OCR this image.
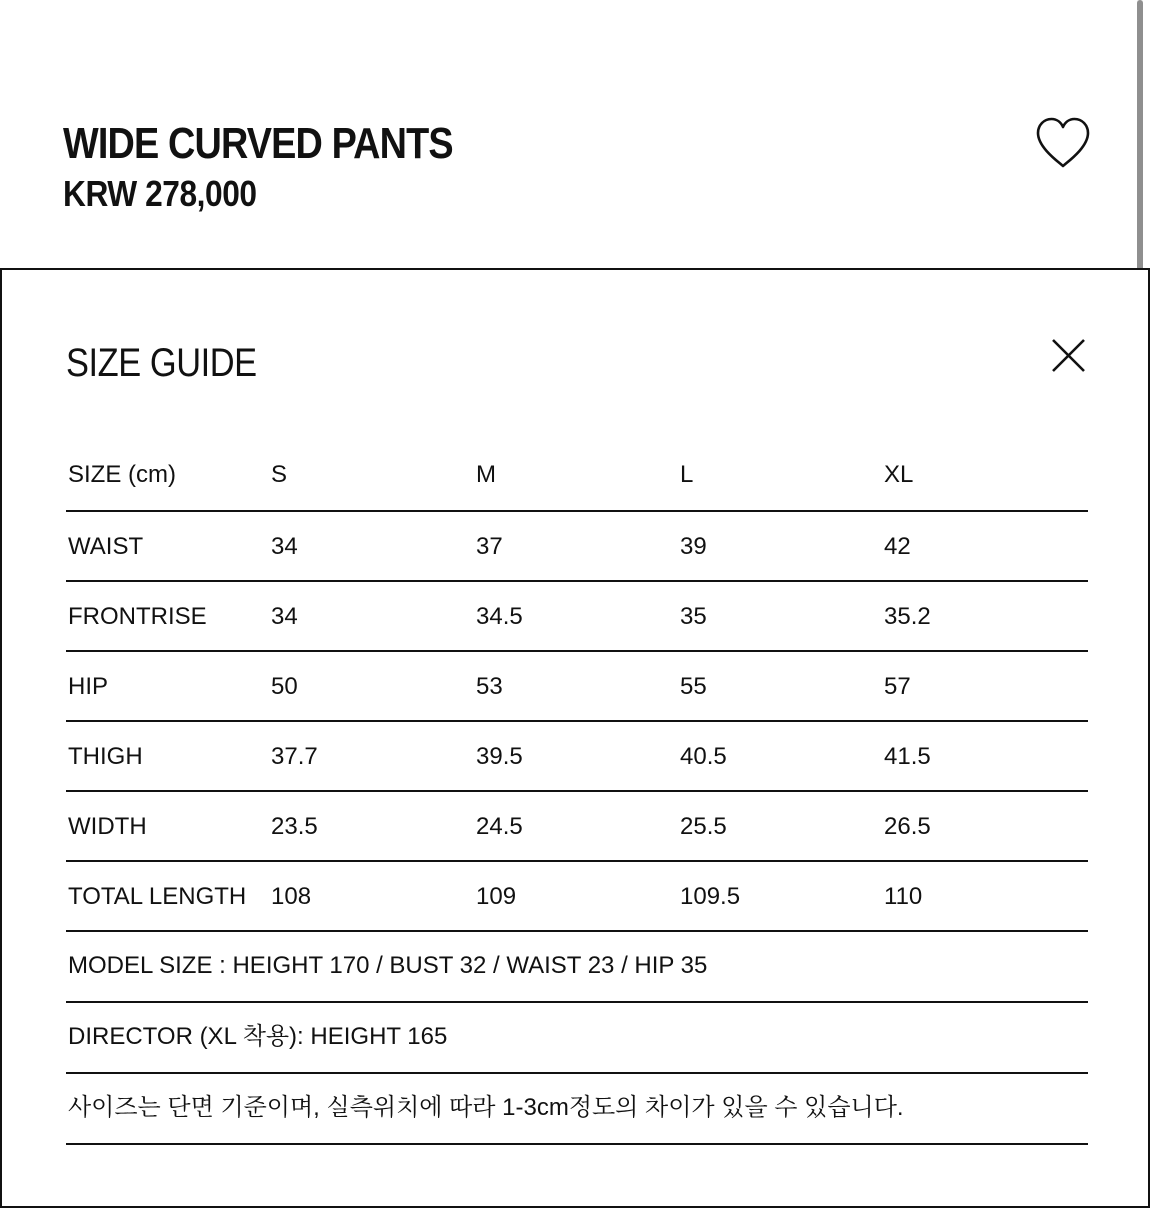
WIDE CURVED PANTS

KRW 278,000

SIZE GUIDE
SIZE (cm)	S	M	L	XL
WAIST	34	37	39	42
FRONTRISE	34	34.5	35	35.2
HIP	50	53	55	57
THIGH	37.7	39.5	40.5	41.5
WIDTH	23.5	24.5	25.5	26.5
TOTAL LENGTH 108	109	109.5	110
MODEL SIZE : HEIGHT 170 / BUST 32 / WAIST 23 / HIP 35
DIRECTOR (XL 착용): HEIGHT 165
사이즈는 단면 기준이며, 실측위치에 따라 1-3cm정도의 차이가 있을 수 있습니다.
